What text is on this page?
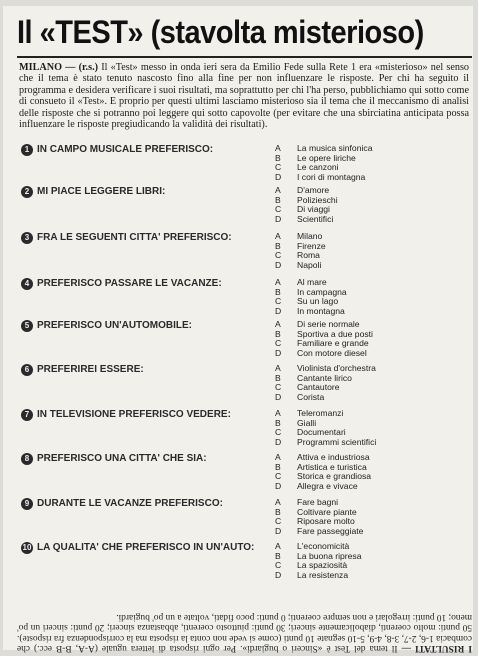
Il «TEST» (stavolta misterioso)
MILANO — (r.s.) Il «Test» messo in onda ieri sera da Emilio Fede sulla Rete 1 era «misterioso» nel senso che il tema è stato tenuto nascosto fino alla fine per non influenzare le risposte. Per chi ha seguito il programma e desidera verificare i suoi risultati, ma soprattutto per chi l'ha perso, pubblichiamo qui sotto come di consueto il «Test». E proprio per questi ultimi lasciamo misterioso sia il tema che il meccanismo di analisi delle risposte che si potranno poi leggere qui sotto capovolte (per evitare che una sbirciatina anticipata possa influenzare le risposte pregiudicando la validità dei risultati).
1 IN CAMPO MUSICALE PREFERISCO:	A	La musica sinfonica
B	Le opere liriche
C	Le canzoni
D	I cori di montagna
2 MI PIACE LEGGERE LIBRI:	A	D'amore
B	Polizieschi
C	Di viaggi
D	Scientifici
3 FRA LE SEGUENTI CITTA' PREFERISCO:	A	Milano
B	Firenze
C	Roma
D	Napoli
4 PREFERISCO PASSARE LE VACANZE:	A	Al mare
B	In campagna
C	Su un lago
D	In montagna
5 PREFERISCO UN'AUTOMOBILE:	A	Di serie normale
B	Sportiva a due posti
C	Familiare e grande
D	Con motore diesel
6 PREFERIREI ESSERE:	A	Violinista d'orchestra
B	Cantante lirico
C	Cantautore
D	Corista
7 IN TELEVISIONE PREFERISCO VEDERE:	A	Teleromanzi
B	Gialli
C	Documentari
D	Programmi scientifici
8 PREFERISCO UNA CITTA' CHE SIA:	A	Attiva e industriosa
B	Artistica e turistica
C	Storica e grandiosa
D	Allegra e vivace
9 DURANTE LE VACANZE PREFERISCO:	A	Fare bagni
B	Coltivare piante
C	Riposare molto
D	Fare passeggiate
10 LA QUALITA' CHE PREFERISCO IN UN'AUTO: A	L'economicità
B	La buona ripresa
C	La spaziosità
D	La resistenza
I RISULTATI — Il tema del Test è «Sinceri o bugiardi». Per ogni risposta di lettera uguale (A-A, B-B ecc.) che combacia 1-6, 2-7, 3-8, 4-9, 5-10 segnate 10 punti (come si vede non conta la risposta ma la corrispondenza fra risposte). 50 punti: molto coerenti, diabolicamente sinceri; 30 punti: piuttosto coerenti, abbastanza sinceri; 20 punti: sinceri un po' meno; 10 punti: irregolari e non sempre coerenti; 0 punti: poco fidati, voltate a un po' bugiardi.
